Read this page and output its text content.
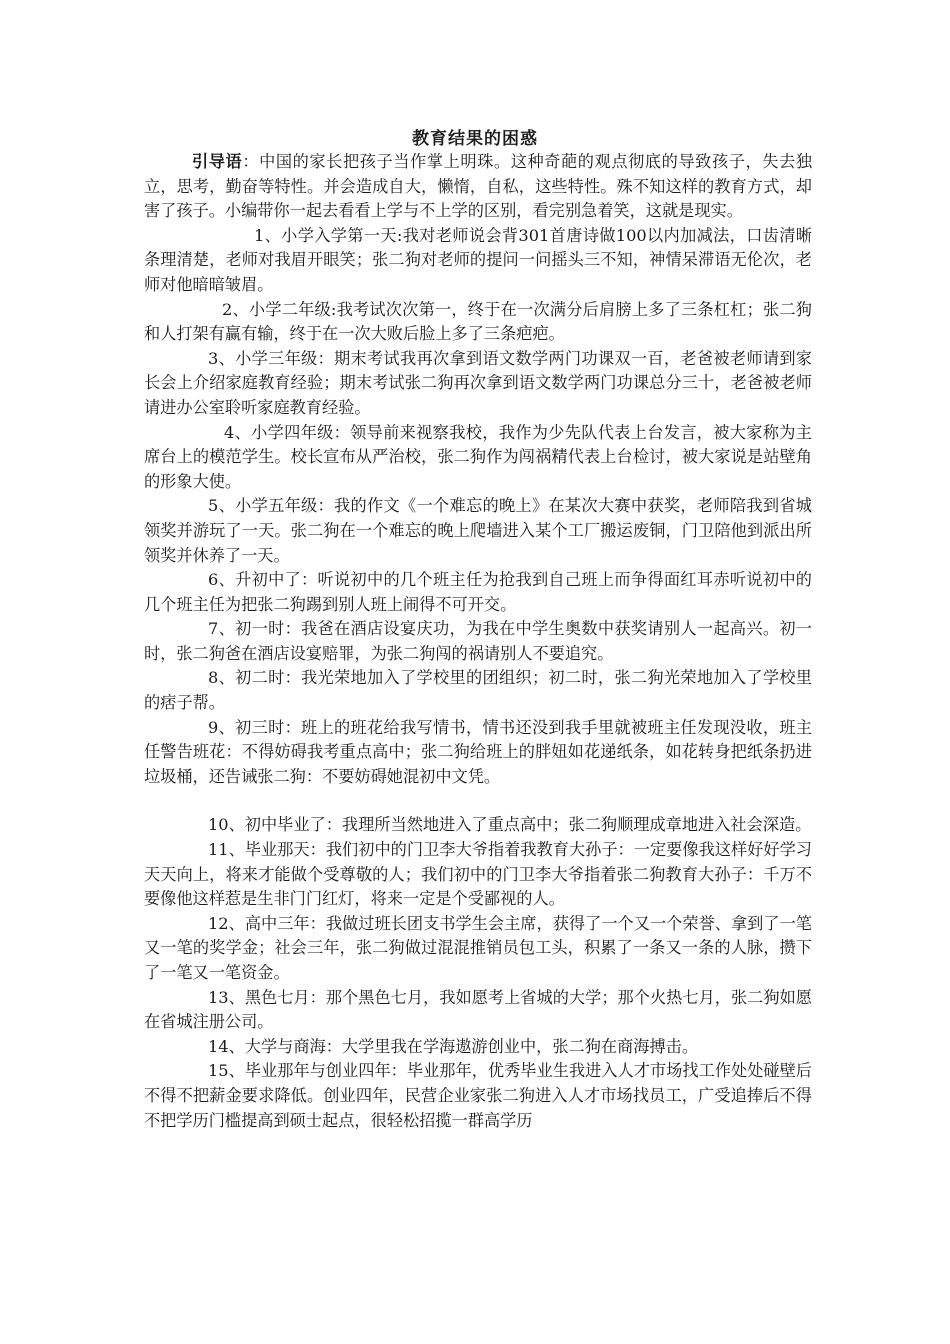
教育结果的困惑

引导语：中国的家长把孩子当作掌上明珠。这种奇葩的观点彻底的导致孩子，失去独立，思考，勤奋等特性。并会造成自大，懒惰，自私，这些特性。殊不知这样的教育方式，却害了孩子。小编带你一起去看看上学与不上学的区别，看完别急着笑，这就是现实。

1、小学入学第一天:我对老师说会背301首唐诗做100以内加减法，口齿清晰条理清楚，老师对我眉开眼笑；张二狗对老师的提问一问摇头三不知，神情呆滞语无伦次，老师对他暗暗皱眉。

2、小学二年级:我考试次次第一，终于在一次满分后肩膀上多了三条杠杠；张二狗和人打架有赢有输，终于在一次大败后脸上多了三条疤疤。

3、小学三年级：期末考试我再次拿到语文数学两门功课双一百，老爸被老师请到家长会上介绍家庭教育经验；期末考试张二狗再次拿到语文数学两门功课总分三十，老爸被老师请进办公室聆听家庭教育经验。

4、小学四年级：领导前来视察我校，我作为少先队代表上台发言，被大家称为主席台上的模范学生。校长宣布从严治校，张二狗作为闯祸精代表上台检讨，被大家说是站壁角的形象大使。

5、小学五年级：我的作文《一个难忘的晚上》在某次大赛中获奖，老师陪我到省城领奖并游玩了一天。张二狗在一个难忘的晚上爬墙进入某个工厂搬运废铜，门卫陪他到派出所领奖并休养了一天。

6、升初中了：听说初中的几个班主任为抢我到自己班上而争得面红耳赤听说初中的几个班主任为把张二狗踢到别人班上闹得不可开交。

7、初一时：我爸在酒店设宴庆功，为我在中学生奥数中获奖请别人一起高兴。初一时，张二狗爸在酒店设宴赔罪，为张二狗闯的祸请别人不要追究。

8、初二时：我光荣地加入了学校里的团组织；初二时，张二狗光荣地加入了学校里的痞子帮。

9、初三时：班上的班花给我写情书，情书还没到我手里就被班主任发现没收，班主任警告班花：不得妨碍我考重点高中；张二狗给班上的胖妞如花递纸条，如花转身把纸条扔进垃圾桶，还告诫张二狗：不要妨碍她混初中文凭。

10、初中毕业了：我理所当然地进入了重点高中；张二狗顺理成章地进入社会深造。

11、毕业那天：我们初中的门卫李大爷指着我教育大孙子：一定要像我这样好好学习天天向上，将来才能做个受尊敬的人；我们初中的门卫李大爷指着张二狗教育大孙子：千万不要像他这样惹是生非门门红灯，将来一定是个受鄙视的人。

12、高中三年：我做过班长团支书学生会主席，获得了一个又一个荣誉、拿到了一笔又一笔的奖学金；社会三年，张二狗做过混混推销员包工头，积累了一条又一条的人脉，攒下了一笔又一笔资金。

13、黑色七月：那个黑色七月，我如愿考上省城的大学；那个火热七月，张二狗如愿在省城注册公司。

14、大学与商海：大学里我在学海遨游创业中，张二狗在商海搏击。

15、毕业那年与创业四年：毕业那年，优秀毕业生我进入人才市场找工作处处碰壁后不得不把薪金要求降低。创业四年，民营企业家张二狗进入人才市场找员工，广受追捧后不得不把学历门槛提高到硕士起点，很轻松招揽一群高学历
